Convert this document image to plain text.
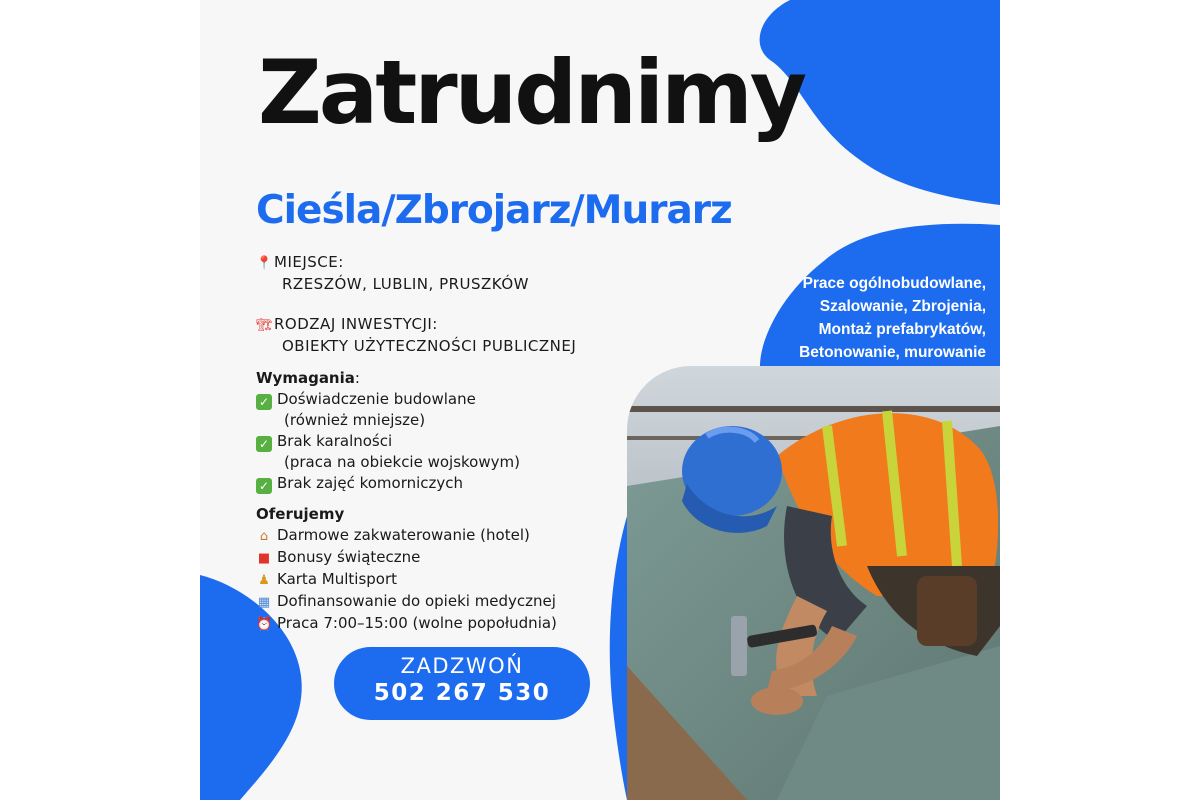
Zatrudnimy
Cieśla/Zbrojarz/Murarz
📍MIEJSCE:
RZESZÓW, LUBLIN, PRUSZKÓW
🏗RODZAJ INWESTYCJI:
OBIEKTY UŻYTECZNOŚCI PUBLICZNEJ
Prace ogólnobudowlane,
Szalowanie, Zbrojenia,
Montaż prefabrykatów,
Betonowanie, murowanie
Wymagania:
✓ Doświadczenie budowlane
(również mniejsze)
✓ Brak karalności
(praca na obiekcie wojskowym)
✓ Brak zajęć komorniczych
Oferujemy
⌂ Darmowe zakwaterowanie (hotel)
■ Bonusy świąteczne
♟ Karta Multisport
▦ Dofinansowanie do opieki medycznej
⏰ Praca 7:00–15:00 (wolne popołudnia)
ZADZWOŃ
502 267 530
